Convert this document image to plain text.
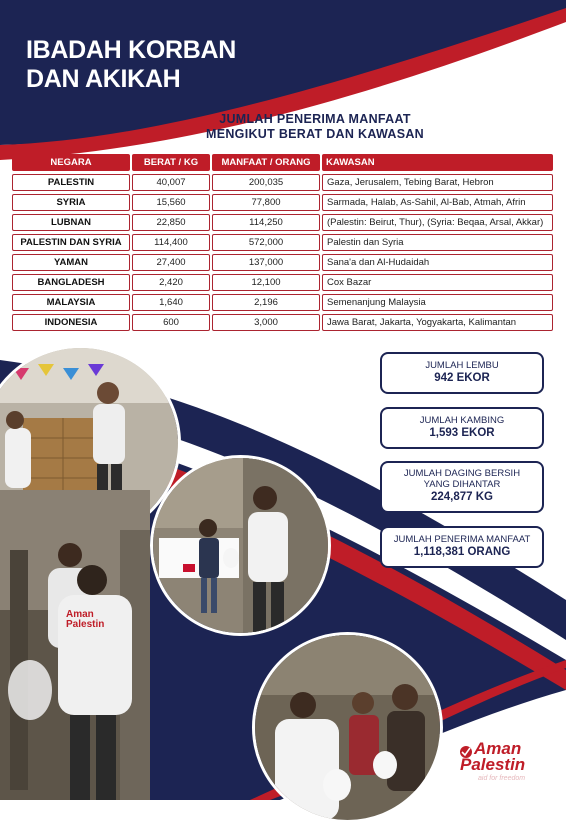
IBADAH KORBAN
DAN AKIKAH
JUMLAH PENERIMA MANFAAT
MENGIKUT BERAT DAN KAWASAN
NEGARA	BERAT / KG	MANFAAT / ORANG	KAWASAN
PALESTIN	40,007	200,035	Gaza, Jerusalem, Tebing Barat, Hebron
SYRIA	15,560	77,800	Sarmada, Halab, As-Sahil, Al-Bab, Atmah, Afrin
LUBNAN	22,850	114,250	(Palestin: Beirut, Thur), (Syria: Beqaa, Arsal, Akkar)
PALESTIN DAN SYRIA	114,400	572,000	Palestin dan Syria
YAMAN	27,400	137,000	Sana'a dan Al-Hudaidah
BANGLADESH	2,420	12,100	Cox Bazar
MALAYSIA	1,640	2,196	Semenanjung Malaysia
INDONESIA	600	3,000	Jawa Barat, Jakarta, Yogyakarta, Kalimantan
JUMLAH LEMBU
942 EKOR
JUMLAH KAMBING
1,593 EKOR
JUMLAH DAGING BERSIH
YANG DIHANTAR
224,877 KG
JUMLAH PENERIMA MANFAAT
1,118,381 ORANG
Aman Palestin
Aman
Palestin
aid for freedom
